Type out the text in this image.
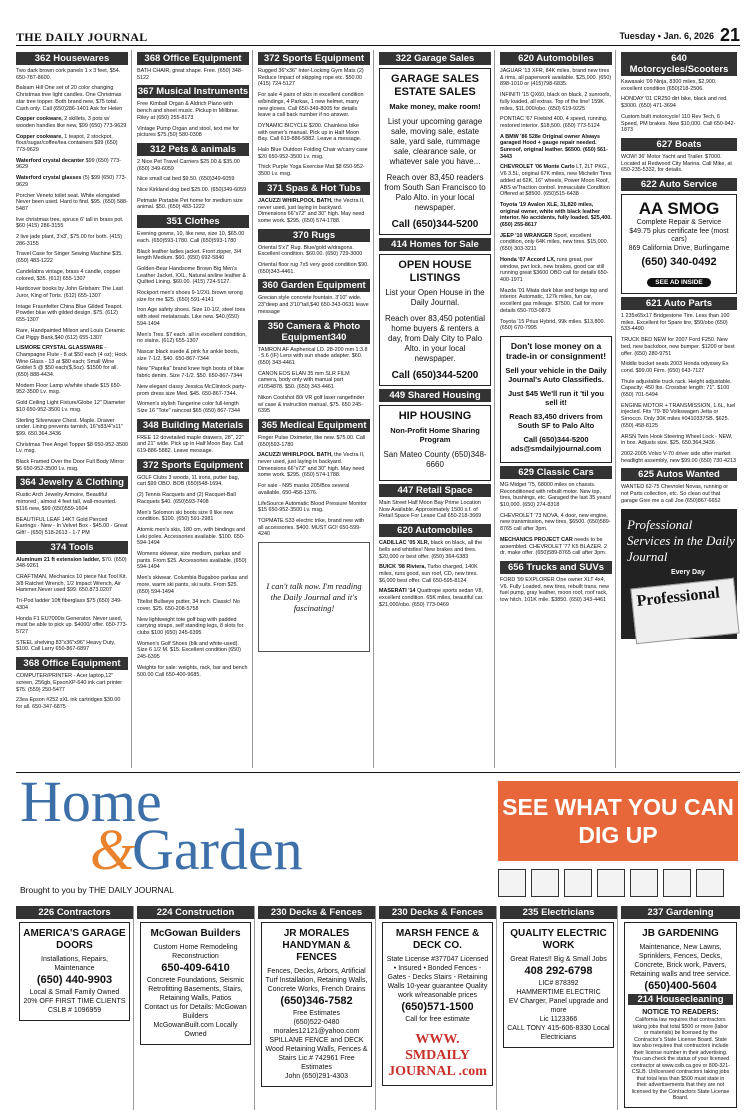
THE DAILY JOURNAL	Tuesday • Jan. 6, 2026 21
362 Housewares
Two dark brown cork panels 1 x 3 feet, $54. 650-787-8600.
Balsam Hill One set of 20 color changing Christmas tree light candles. One Christmas star tree topper. Both brand new, $75 total. Cash only. Call (650)286-1401 Ask for Helen
Copper cookware, 2 skillets, 3 pots w/ wooden handles like new, $99 (650) 773-9629
Copper cookware, 1 teapot, 2 stockpot, flour/sugar/coffee/tea containers $99 (650) 773-9629
Waterford crystal decanter $99 (650) 773-9629
Waterford crystal glasses (5) $99 (650) 773-9629
Porcher Veneto toilet seat. White elongated Never been used. Hard to find. $95. (650) 588-5487
live christmas tree, spruce 6' tall in brass pot. $60 (415) 286-3155
2 live jade plant, 3'x3', $75.00 for both. (415) 286-3155
Travel Case for Singer Sewing Machine $35. (650) 483-1222
Candelabra vintage, brass 4 candle, copper colored, $35. (612) 655-1307
Hardcover books by John Grisham: The Last Juror, King of Torts. (612) 655-1307
Intage Fraunfelter China Blue Gilded Teapot. Powder blue with gilded design. $75. (612) 655-1307
Rare, Handpainted Milson and Louis Ceramic Cat Piggy Bank,$40 (612) 655-1307
LISMORE CRYSTAL GLASSWARE - Champagne Flute - 8 at $50 each (4 oz); Hock Wine Glass - 13 at $80 each; Small Wine Goblet 5 @ $50 each($,5oz). $1500 for all. (650) 888-4434.
Modern Floor Lamp w/white shade $15 650-952-3500 Lv. msg.
Gold Ceiling Light Fixture/Globe 12" Diameter $10 650-952-3500 Lv. msg.
Sterling Silverware Chest. Maple. Drawer under. Lining prevents tarnish, 16"x83/4"x11" $99. 650.364.3436
Christmas Tree Angel Topper $8 650-952-3500 Lv. msg.
Black Framed Over the Door Full Body Mirror $6 650-952-3500 Lv. msg.
364 Jewelry & Clothing
Rustic Arch Jewelry Armoire, Beautiful mirrored , almost 4 feet tall, wall-mounted. $116 new, $99 (650)559-1604
BEAUTIFUL LEAF 14KT Gold Pierced Earrings - New - In Velvet Box - $45.00 - Great Gift! - (650) 518-2613 - 1-7 PM
374 Tools
Aluminum 21 ft extension ladder, $70. (650) 348-9261
CRAFTMAN, Mechanics 10 piece Nut Tool Kit. 3/8 Ratchet Wrench, 1/2 Impact Wrench, Air Hammer.Never used $99. 650.873.0207
Tri-Pod ladder 10ft fiberglass $75 (650) 349-4304
Honda F1 EU7000is Generator. Never used, must be able to pick up. $4000/ offer. 650-773-5727
STEEL shelving 83"x36"x96" Heavy Duty, $100. Call Larry 650-867-6897
368 Office Equipment
COMPUTER/PRINTER - Acer laptop,12" screen, 256gb, EpsonXP-640 ink cart printer $75. (559) 250-5477
23ea Epson #252 sXL ink cartridges $30.00 for all. 650-347-6875
368 Office Equipment
BATH CHAIR, great shape. Free. (650) 348-5122
367 Musical Instruments
Free Kimball Organ & Aldrich Piano with bench and sheet music. Pickup in Millbrae. Riley at (650) 255-8173
Vintage Pump Organ and stool, text me for pictures $75.(50) 580-0308
312 Pets & animals
2 Nice Pet Travel Carriers $25.00 & $35.00 (650) 349-6059
Nice small cat bed $9.50. (650)349-6059
Nice Kirkland dog bed $25.00. (650)349-6059
Petmate Portable Pet home for medium size animal. $50. (650) 483-1222
351 Clothes
Evening gowns, 10, like new, size 10, $65.00 each. (650)593-1780. Call (650)593-1780
Black leather ladies jacket. Front zipper, 3/4 length Medium. $60. (650) 692-5840
Golden-Bear Handsome Brown Big Men's Leather Jacket, XXL, Natural aniline leather & Quilted Lining. $60.00. (415) 724-5127.
Rockport men's shoes 9-1/2XL brown wrong size for me $25. (650) 591-4141
Iron Age safety shoes. Size 10-1/2, steel toes with steel metatarsals. Like new. $40.(650) 594-1494
Men's Tres. $7 each. all in excellent condition, no stains. (612) 655-1307
Nascar black suede & pink fur ankle boots, size 7-1/2. $40. 650-867-7344
New "Paprika" brand knee high boots of blue fabric denim. Size 7-1/2. $50. 650-867-7344
New elegant classy Jessica McClintock party-prom dress size Med. $45. 650-867-7344.
Women's stylish Tangerine color full-length Size 16 "Tote" raincoat $65 (650) 867-7344
348 Building Materials
FREE 12 dovetailed maple drawers, 28", 22" and 21" wide. Pick up in Half Moon Bay. Call 619-886-5882. Leave message.
372 Sports Equipment
GOLF Clubs 3 woods, 11 irons, putter bag, cart $99 OBO. BOB (650)548-1694.
(2) Tennis Racquets and (2) Racquet-Ball Racquets $40. (650)593-7408
Men's Solomon ski boots size 9 like new condition. $100. (650) 591-2981
Atomic men's skis, 180 cm, with bindings and Leki poles. Accessories available. $100. 650-594-1494
Womens skiwear, size medium, parkas and pants. From $25. Accessories available. (650) 594-1494
Men's skiwear. Columbia Bugaboo parkas and more, warm ski pants, ski suits. From $25. (650) 594-1494
Titelist Bullseye putter, 34 inch. Classic! No cover. $25. 650-208-5758
New lightweight tote golf bag with padded carrying straps, self standing legs, 8 slots for clubs $100 (650) 245-6395
Women's Golf Shoes (blk and white-used). Size 6 1/2 M. $15. Excellent condition (650) 245-6395
Weights for sale: weights, rack, bar and bench 500.00 Call 650-400-9685.
372 Sports Equipment
Rugged 36"x36" Inter-Locking Gym Mats (2) Reduce Impact of skipping rope etc. $50.00 (415) 724-5127
For sale 4 pairs of skis in excellent condition w/bindings, 4 Parkas, 1 new helmet, many new gloves. Call 650-349-8005 for details leave a call back number if no answer.
DYNAMIC BICYCLE $200. Chainless bike with owner's manual. Pick up in Half Moon Bay. Call 619-886-5882. Leave a message.
Halo Blue Outdoor Folding Chair w/carry case $20 650-952-3500 Lv. msg.
Thick Purple Yoga Exercise Mat $8 650-952-3500 Lv. msg.
371 Spas & Hot Tubs
JACUZZI WHIRLPOOL BATH, the Vectra II, never used, just laying in backyard. Dimensions 66"x72" and 30" high. May need some work. $295. (650) 574-1788.
370 Rugs
Oriental 5'x7' Rug. Blue/gold w/dragons. Excellent condition. $60.00. (650) 729-3000
Oriental floor rug 7x5 very good condition $90. (650)343-4461.
360 Garden Equipment
Grecian style concrete fountain. 3'10" wide. 23"deep and 3'10"tall,$40 650-343-0631 leave message
350 Camera & Photo Equipment340
TAMRON AF Aspherical LD. 28-200 mm 1:3.8 - 5.6 (IF) Lens with sun shade adapter. $60.(650) 343-4461
CANON EOS ELAN 35 mm SLR FILM camera, body only with manual part #1054878. $50. (650) 343-4461
Nikon Coolshot 80i VR golf laser rangefinder w/ case & instruction manual. $75. 650 245-6395
365 Medical Equipment
Finger Pulse Oximeter, like new. $75.00. Call (650)593-1780
JACUZZI WHIRLPOOL BATH, the Vectra II, never used, just laying in backyard. Dimensions 66"x72" and 30" high. May need some work. $295. (650) 574-1788.
For sale - N95 masks 205/Box several available, 650-458-1376.
LifeSource Automatic Blood Pressure Monitor $15 650-952-3500 Lv. msg.
TOPMATE S33 electric trike, brand new with all accessories. $400. MUST GO! 650-599-4240
I can't talk now. I'm reading the Daily Journal and it's fascinating!
322 Garage Sales
GARAGE SALES ESTATE SALES
Make money, make room!

List your upcoming garage sale, moving sale, estate sale, yard sale, rummage sale, clearance sale, or whatever sale you have...

Reach over 83,450 readers from South San Francisco to Palo Alto. in your local newspaper.

Call (650)344-5200
414 Homes for Sale
OPEN HOUSE LISTINGS

List your Open House in the Daily Journal.

Reach over 83,450 potential home buyers & renters a day, from Daly City to Palo Alto. in your local newspaper.

Call (650)344-5200
449 Shared Housing
HIP HOUSING
Non-Profit Home Sharing Program

San Mateo County (650)348-6660

447 Retail Space
Main Street Half Moon Bay Prime Location Now Available. Approximately 1500 s.f. of Retail Space For Lease Call 650-218-3669
620 Automobiles
CADILLAC '05 XLR, black on black, all the bells and whistles! New brakes and tires. $20,000 or best offer. (650) 364-6383
BUICK '98 Riviera, Turbo charged, 140K miles, runs good, sun roof, CD, new tires. $6,000 best offer. Call 650-595-8124
MASERATI '14 Quattrope sports sedan V8, excellent condition. 65K miles, beautiful car. $21,000/obo. (650) 773-0469
620 Automobiles
JAGUAR '13 XFR, 84K miles, brand new tires & rims, all paperwork available. $25,000. (650) 898-1010 or (415)798-6835.
INFINITI '15 QX60, black on black, 2 sunroofs, fully loaded, all extras. Top of the line! 159K miles, $11,000/obo. (650) 619-9225
PONTIAC '67 Firebird 400, 4 speed, running, restored interior. $18,500. (650) 773-5124
A BMW '86 528e Original owner Always garaged Hood + gauge repair needed. Sunroof, original leather. $6500. (650) 561-3443
CHEVROLET '06 Monte Carlo LT, 2LT PKG., V6 3.5L, original 67K miles, new Michelin Tires added at 62K, 16" wheels, Power Moon Roof, ABS w/Traction control. Immaculate Condition Offered at $8500. (650)515-6438
Toyota '19 Avalon XLE, 31,820 miles, original owner, white with black leather interior. No accidents, fully loaded. $25,400. (650) 255-8617
JEEP '10 WRANGER Sport, excellent condition, only 64K miles, new tires. $15,000. (650) 303-3211
Honda '07 Accord LX, runs great, pwr window, pwr lock, new brakes, good car still running great $3600 OBO call for details 650-400-1971
Mazda '01 Miata dark blue and beige top and interior. Automatic, 127k miles, fun car, excellent gas mileage. $7500. Call for more details 650-703-0873
Toyota '15 Prius Hybrid, 99k miles. $13,800. (650) 670-7995
Don't lose money on a trade-in or consignment!

Sell your vehicle in the Daily Journal's Auto Classifieds.

Just $45 We'll run it 'til you sell it!

Reach 83,450 drivers from South SF to Palo Alto

Call (650)344-5200 ads@smdailyjournal.com

629 Classic Cars
MG Midget '75, 68000 miles on chassis. Reconditioned with rebuilt motor. New top, tires, bushings, etc. Garaged the last 35 years! $10,000. (650) 274-8318
CHEVROLET '73 NOVA. 4 door, new engine, new transmission, new tires, $6500. (650)589-8765 call after 3pm.
MECHANICS PROJECT CAR needs to be assembled. CHEVROLET '77 K5 BLAZER. 2 dr, make offer. (650)589-8765 call after 3pm.
656 Trucks and SUVs
FORD '99 EXPLORER One owner XLT 4x4, V6. Fully Loaded, new tires, rebuilt trans, new fuel pump, gray leather, moon roof, roof rack, tow hitch. 101K mile. $3850. (650) 343-4461
640 Motorcycles/Scooters
Kawasaki '09 Ninja, 8300 miles, $2,900, excellent condition (650)218-2506.
HONDAY '01 CR250 dirt bike, black and red. $3000. (650) 471-3694
Custom built motorcycle! 110 Rev Tech, 6 Speed, PM brakes. New $10,000. Call 650-942-1873
627 Boats
WOW! 36' Motor Yacht and Trailer. $7000. Located at Redwood City Marina. Call Mike, at 650-235-5332, for details.
622 Auto Service
AA SMOG

Complete Repair & Service

$49.75 plus certificate fee (most cars)

869 California Drive, Burlingame

(650) 340-0492
SEE AD INSIDE
621 Auto Parts
1 235x65x17 Bridgestone Tire. Less than 100 miles. Excellent for Spare tire, $50/obo (650) 533-4490
TRUCK BED NEW for 2007 Ford F250. New bed, new backdoor, new bumper. $1200 or best offer. (650) 280-9751
Middle bucket seats 2003 Honda odyssey Ex cond. $99.00 Firm. (650) 643-7127
Thule adjustable truck rack. Height adjustable. Capacity: 450 lbs. Crossbar length: 71". $100 (650) 701-5494
ENGINE MOTOR + TRANSMISSION, 1.6L, fuel injected. Fits '79-'80 Volkswagen Jetta or Sirrocco. Only 30K miles #0410337SB. $625. (650) 458-8125
ARSN Twin Hook Steering Wheel Lock - NEW, in box. Adjusts size. $25. 650.364.3436
2002-2005 Volvo V-70 driver side after market headlight assembly, new $99.00 (650) 730-4213
625 Autos Wanted
WANTED 62-75 Chevrolet Novas, running or not Parts collection, etc. So clean out that garage Give me a call Joe (650)867-6652
Professional Services in the Daily Journal
Every Day
Professional
Home
&
Garden
Brought to you by THE DAILY JOURNAL
SEE WHAT YOU CAN DIG UP
226 Contractors
AMERICA'S GARAGE DOORS
Installations, Repairs, Maintenance
(650) 440-9903
Local & Small Family Owned
20% OFF FIRST TIME CLIENTS
CSLB # 1096959
224 Construction
McGowan Builders
Custom Home Remodeling Reconstruction
650-409-6410
Concrete Foundations, Seismic Retrofitting Basements, Stairs, Retaining Walls, Patios
Contact us for Details: McGowan Builders
McGowanBuilt.com Locally Owned
230 Decks & Fences
JR MORALES HANDYMAN & FENCES
Fences, Decks, Arbors, Artificial Turf Installation, Retaining Walls, Concrete Works, French Drains
(650)346-7582
Free Estimates
(650)522-0480 morales12121@yahoo.com
SPILLANE FENCE and DECK
Wood Retaining Walls, Fences & Stairs Lic.# 742961 Free Estimates
John (650)291-4303
230 Decks & Fences
MARSH FENCE & DECK CO.
State License #377047 Licensed • Insured • Bonded Fences - Gates - Decks Stairs - Retaining Walls 10-year guarantee Quality work w/reasonable prices
(650)571-1500
Call for free estimate
WWW. SMDAILY JOURNAL .com
235 Electricians
QUALITY ELECTRIC WORK
Great Rates!! Big & Small Jobs
408 292-6798
LIC# 878392
HAMMERTIME ELECTRIC
EV Charger, Panel upgrade and more
Lic 1123366
CALL TONY 415-606-8330 Local Electricians
237 Gardening
JB GARDENING
Maintenance, New Lawns, Sprinklers, Fences, Decks, Concrete, Brick work, Pavers, Retaining walls and tree service.
(650)400-5604
214 Housecleaning
NOTICE TO READERS:
California law requires that contractors taking jobs that total $500 or more (labor or materials) be licensed by the Contractor's State License Board. State law also requires that contractors include their license number in their advertising. You can check the status of your licensed contractor at www.cslb.ca.gov or 800-321-CSLB. Unlicensed contractors taking jobs that total less than $500 must state in their advertisements that they are not licensed by the Contractors State License Board.
